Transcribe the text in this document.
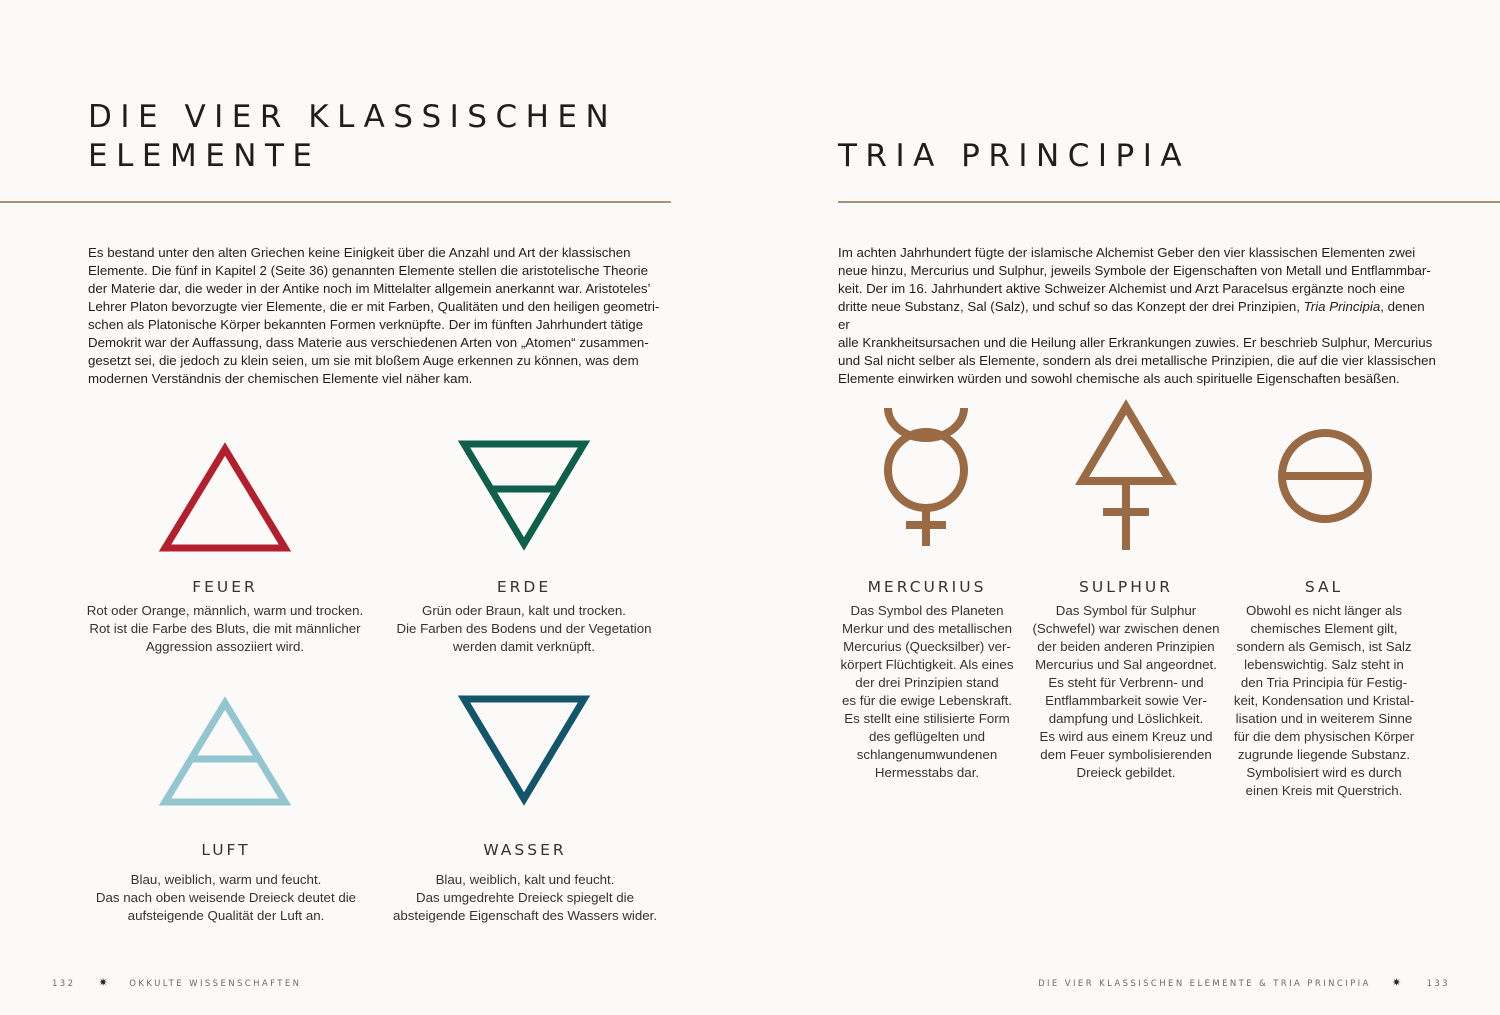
DIE VIER KLASSISCHEN
ELEMENTE

Es bestand unter den alten Griechen keine Einigkeit über die Anzahl und Art der klassischen

Elemente. Die fünf in Kapitel 2 (Seite 36) genannten Elemente stellen die aristotelische Theorie

der Materie dar, die weder in der Antike noch im Mittelalter allgemein anerkannt war. Aristoteles’

Lehrer Platon bevorzugte vier Elemente, die er mit Farben, Qualitäten und den heiligen geometri-

schen als Platonische Körper bekannten Formen verknüpfte. Der im fünften Jahrhundert tätige

Demokrit war der Auffassung, dass Materie aus verschiedenen Arten von „Atomen“ zusammen-

gesetzt sei, die jedoch zu klein seien, um sie mit bloßem Auge erkennen zu können, was dem

modernen Verständnis der chemischen Elemente viel näher kam.

FEUER
Rot oder Orange, männlich, warm und trocken.
Rot ist die Farbe des Bluts, die mit männlicher
Aggression assoziiert wird.
ERDE
Grün oder Braun, kalt und trocken.
Die Farben des Bodens und der Vegetation
werden damit verknüpft.
LUFT
Blau, weiblich, warm und feucht.
Das nach oben weisende Dreieck deutet die
aufsteigende Qualität der Luft an.
WASSER
Blau, weiblich, kalt und feucht.
Das umgedrehte Dreieck spiegelt die
absteigende Eigenschaft des Wassers wider.
132 ✷ OKKULTE WISSENSCHAFTEN
TRIA PRINCIPIA

Im achten Jahrhundert fügte der islamische Alchemist Geber den vier klassischen Elementen zwei

neue hinzu, Mercurius und Sulphur, jeweils Symbole der Eigenschaften von Metall und Entflammbar-

keit. Der im 16. Jahrhundert aktive Schweizer Alchemist und Arzt Paracelsus ergänzte noch eine

dritte neue Substanz, Sal (Salz), und schuf so das Konzept der drei Prinzipien, Tria Principia, denen er

alle Krankheitsursachen und die Heilung aller Erkrankungen zuwies. Er beschrieb Sulphur, Mercurius

und Sal nicht selber als Elemente, sondern als drei metallische Prinzipien, die auf die vier klassischen

Elemente einwirken würden und sowohl chemische als auch spirituelle Eigenschaften besäßen.

MERCURIUS
Das Symbol des Planeten
Merkur und des metallischen
Mercurius (Quecksilber) ver-
körpert Flüchtigkeit. Als eines
der drei Prinzipien stand
es für die ewige Lebenskraft.
Es stellt eine stilisierte Form
des geflügelten und
schlangenumwundenen
Hermesstabs dar.
SULPHUR
Das Symbol für Sulphur
(Schwefel) war zwischen denen
der beiden anderen Prinzipien
Mercurius und Sal angeordnet.
Es steht für Verbrenn- und
Entflammbarkeit sowie Ver-
dampfung und Löslichkeit.
Es wird aus einem Kreuz und
dem Feuer symbolisierenden
Dreieck gebildet.
SAL
Obwohl es nicht länger als
chemisches Element gilt,
sondern als Gemisch, ist Salz
lebenswichtig. Salz steht in
den Tria Principia für Festig-
keit, Kondensation und Kristal-
lisation und in weiterem Sinne
für die dem physischen Körper
zugrunde liegende Substanz.
Symbolisiert wird es durch
einen Kreis mit Querstrich.
DIE VIER KLASSISCHEN ELEMENTE & TRIA PRINCIPIA ✷	133
